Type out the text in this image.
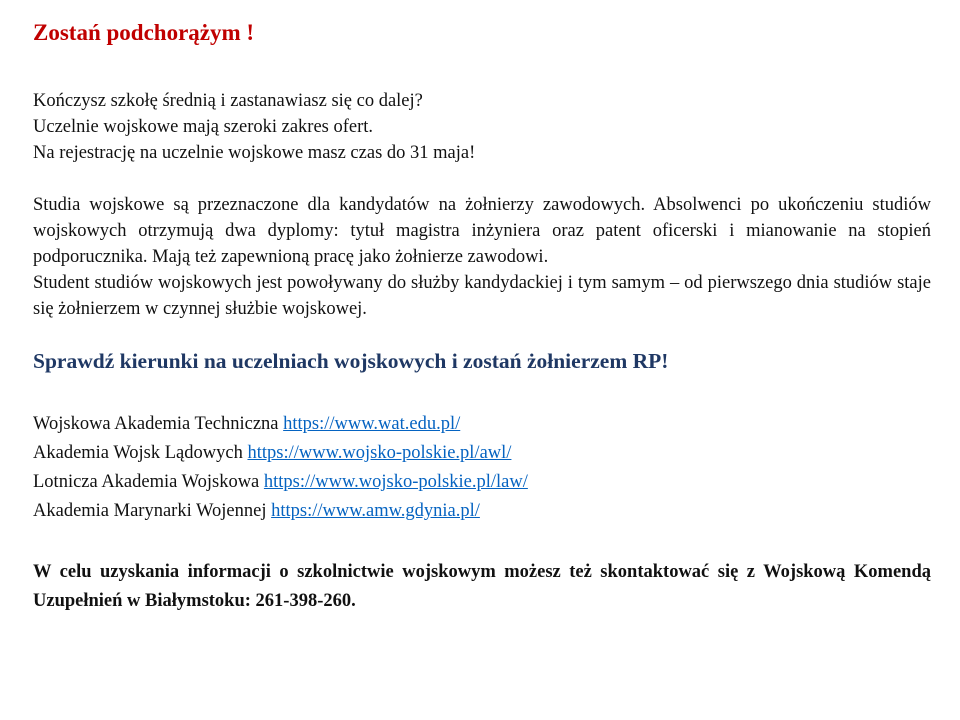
Zostań podchorążym !
Kończysz szkołę średnią i zastanawiasz się co dalej?
Uczelnie wojskowe mają szeroki zakres ofert.
Na rejestrację na uczelnie wojskowe masz czas do 31 maja!

Studia wojskowe są przeznaczone dla kandydatów na żołnierzy zawodowych. Absolwenci po ukończeniu studiów wojskowych otrzymują dwa dyplomy: tytuł magistra inżyniera oraz patent oficerski i mianowanie na stopień podporucznika. Mają też zapewnioną pracę jako żołnierze zawodowi.

Student studiów wojskowych jest powoływany do służby kandydackiej i tym samym – od pierwszego dnia studiów staje się żołnierzem w czynnej służbie wojskowej.

Sprawdź kierunki na uczelniach wojskowych i zostań żołnierzem RP!
Wojskowa Akademia Techniczna https://www.wat.edu.pl/
Akademia Wojsk Lądowych https://www.wojsko-polskie.pl/awl/
Lotnicza Akademia Wojskowa https://www.wojsko-polskie.pl/law/
Akademia Marynarki Wojennej https://www.amw.gdynia.pl/

W celu uzyskania informacji o szkolnictwie wojskowym możesz też skontaktować się z Wojskową Komendą Uzupełnień w Białymstoku: 261-398-260.
